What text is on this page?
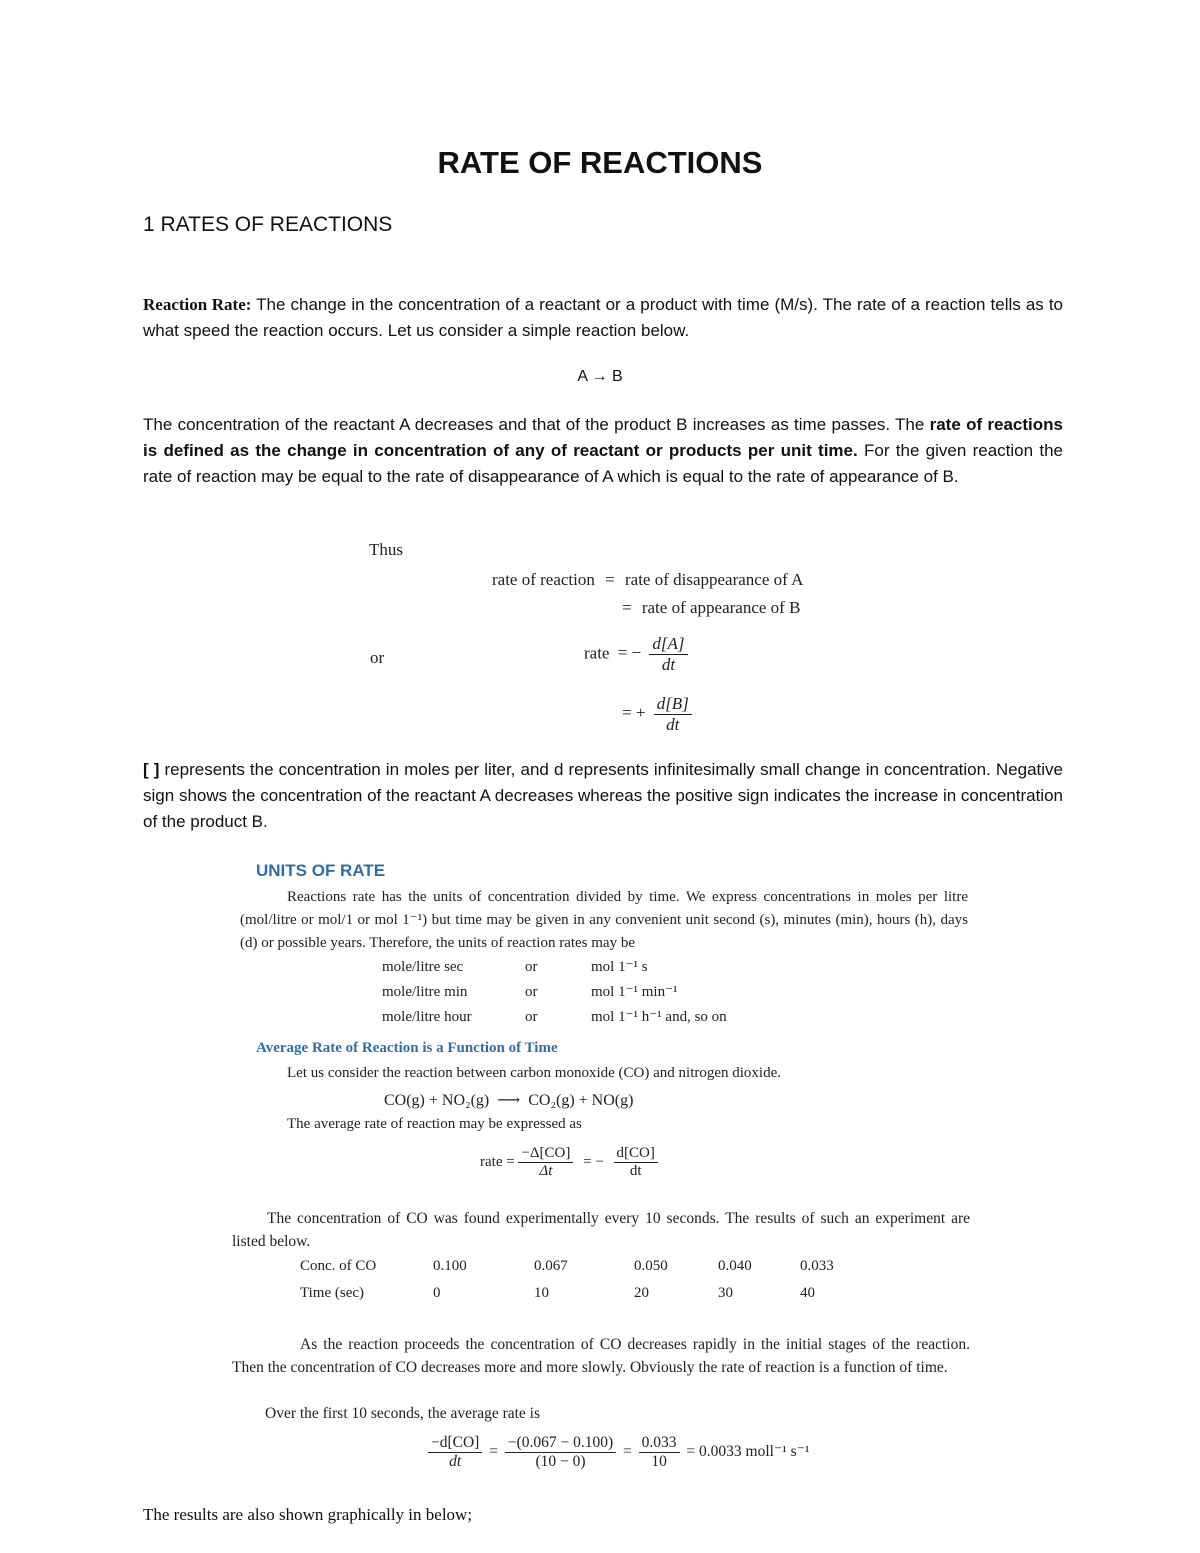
RATE OF REACTIONS
1 RATES OF REACTIONS
Reaction Rate: The change in the concentration of a reactant or a product with time (M/s). The rate of a reaction tells as to what speed the reaction occurs. Let us consider a simple reaction below.
A → B
The concentration of the reactant A decreases and that of the product B increases as time passes. The rate of reactions is defined as the change in concentration of any of reactant or products per unit time. For the given reaction the rate of reaction may be equal to the rate of disappearance of A which is equal to the rate of appearance of B.
Thus
rate of reaction = rate of disappearance of A
= rate of appearance of B
or	rate = − $\frac{d[A]}{dt}$
= + $\frac{d[B]}{dt}$
[ ] represents the concentration in moles per liter, and d represents infinitesimally small change in concentration. Negative sign shows the concentration of the reactant A decreases whereas the positive sign indicates the increase in concentration of the product B.
UNITS OF RATE
Reactions rate has the units of concentration divided by time. We express concentrations in moles per litre (mol/litre or mol/1 or mol 1⁻¹) but time may be given in any convenient unit second (s), minutes (min), hours (h), days (d) or possible years. Therefore, the units of reaction rates may be
mole/litre sec	or	mol 1⁻¹ s
mole/litre min	or	mol 1⁻¹ min⁻¹
mole/litre hour	or	mol 1⁻¹ h⁻¹ and, so on
Average Rate of Reaction is a Function of Time
Let us consider the reaction between carbon monoxide (CO) and nitrogen dioxide.
CO(g) + NO₂(g)  ⟶  CO₂(g) + NO(g)
The average rate of reaction may be expressed as
rate = $\frac{-\Delta[CO]}{\Delta t}$ = − $\frac{d[CO]}{dt}$
The concentration of CO was found experimentally every 10 seconds. The results of such an experiment are listed below.
Conc. of CO	0.100	0.067	0.050	0.040	0.033
Time (sec)	0	10	20	30	40
As the reaction proceeds the concentration of CO decreases rapidly in the initial stages of the reaction. Then the concentration of CO decreases more and more slowly. Obviously the rate of reaction is a function of time.
Over the first 10 seconds, the average rate is
$\frac{-d[CO]}{dt} = \frac{-(0.067 - 0.100)}{(10 - 0)} = \frac{0.033}{10} = 0.0033$ moll⁻¹ s⁻¹
The results are also shown graphically in below;
